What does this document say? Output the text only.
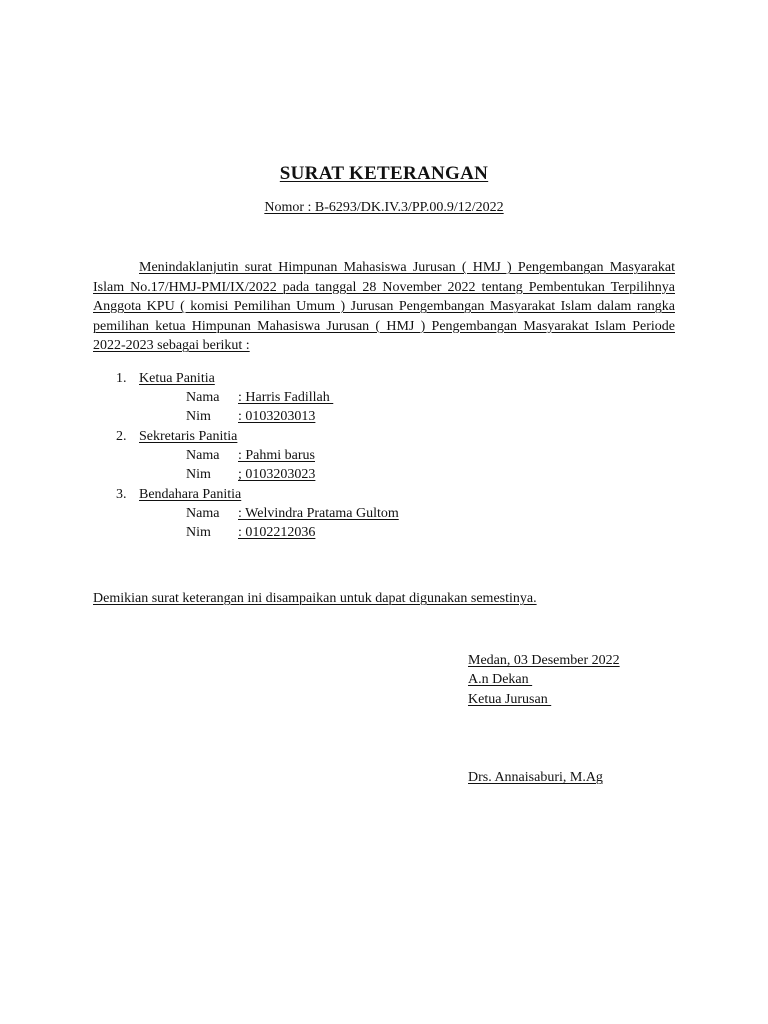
SURAT KETERANGAN
Nomor : B-6293/DK.IV.3/PP.00.9/12/2022
Menindaklanjutin surat Himpunan Mahasiswa Jurusan ( HMJ ) Pengembangan Masyarakat Islam No.17/HMJ-PMI/IX/2022 pada tanggal 28 November 2022 tentang Pembentukan Terpilihnya Anggota KPU ( komisi Pemilihan Umum ) Jurusan Pengembangan Masyarakat Islam dalam rangka pemilihan ketua Himpunan Mahasiswa Jurusan ( HMJ ) Pengembangan Masyarakat Islam Periode 2022-2023 sebagai berikut :
1. Ketua Panitia
Nama : Harris Fadillah
Nim : 0103203013
2. Sekretaris Panitia
Nama : Pahmi barus
Nim ; 0103203023
3. Bendahara Panitia
Nama : Welvindra Pratama Gultom
Nim : 0102212036
Demikian surat keterangan ini disampaikan untuk dapat digunakan semestinya.
Medan, 03 Desember 2022
A.n Dekan
Ketua Jurusan
Drs. Annaisaburi, M.Ag
